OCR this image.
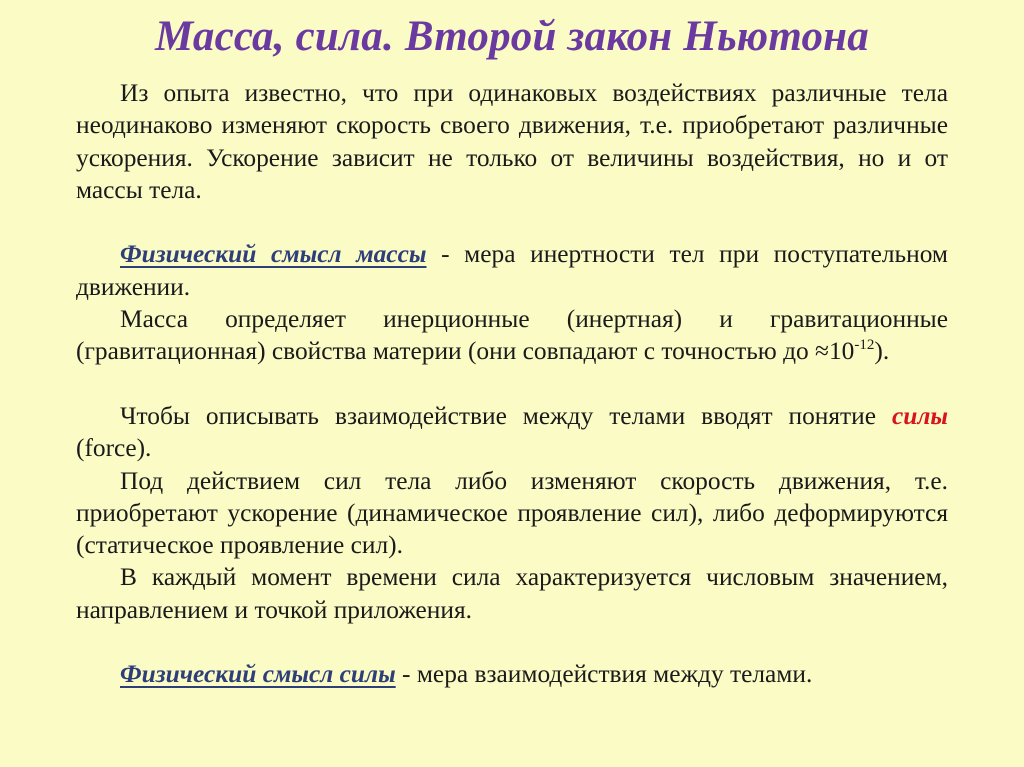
Масса, сила. Второй закон Ньютона

Из опыта известно, что при одинаковых воздействиях различные тела неодинаково изменяют скорость своего движения, т.е. приобретают различные ускорения. Ускорение зависит не только от величины воздействия, но и от массы тела.

Физический смысл массы - мера инертности тел при поступательном движении.

Масса определяет инерционные (инертная) и гравитационные (гравитационная) свойства материи (они совпадают с точностью до $\approx 10^{-12}$).

Чтобы описывать взаимодействие между телами вводят понятие силы (force).

Под действием сил тела либо изменяют скорость движения, т.е. приобретают ускорение (динамическое проявление сил), либо деформируются (статическое проявление сил).

В каждый момент времени сила характеризуется числовым значением, направлением и точкой приложения.

Физический смысл силы - мера взаимодействия между телами.
